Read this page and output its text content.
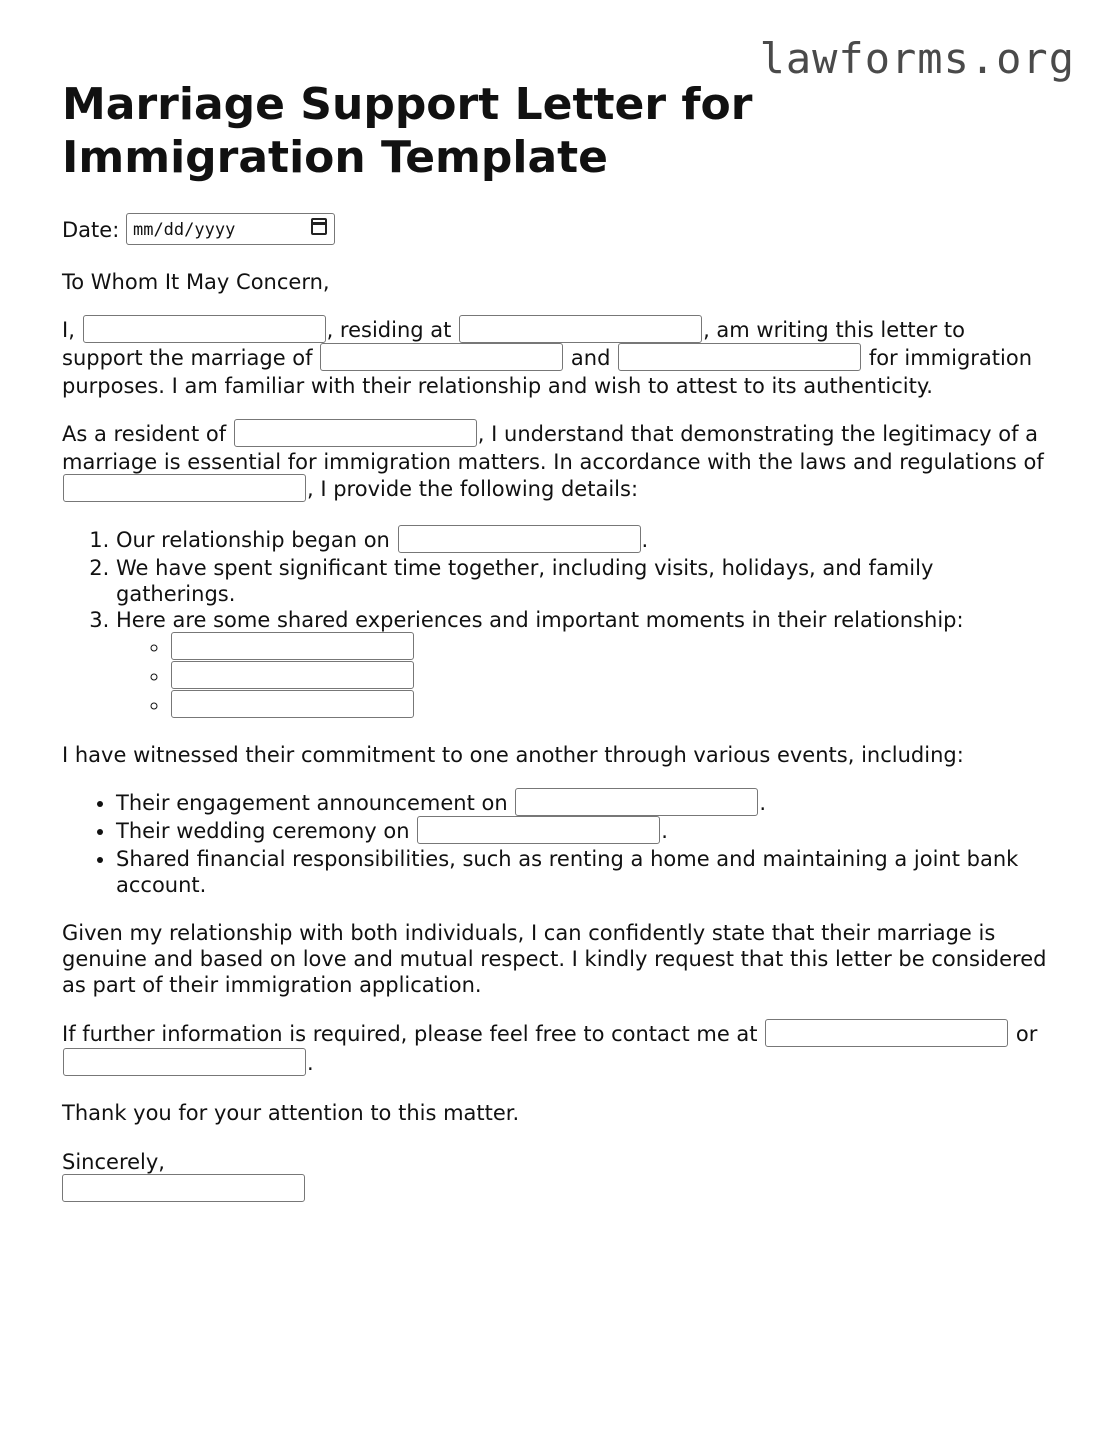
lawforms.org
Marriage Support Letter for Immigration Template

Date: mm/dd/yyyy

To Whom It May Concern,

I,	, residing at	, am writing this letter to support the marriage of	and	for immigration purposes. I am familiar with their relationship and wish to attest to its authenticity.

As a resident of	, I understand that demonstrating the legitimacy of a marriage is essential for immigration matters. In accordance with the laws and regulations of , I provide the following details:

1. Our relationship began on	.
2. We have spent significant time together, including visits, holidays, and family gatherings.
3. Here are some shared experiences and important moments in their relationship:
◦
◦
◦

I have witnessed their commitment to one another through various events, including:

• Their engagement announcement on	.
• Their wedding ceremony on	.
• Shared financial responsibilities, such as renting a home and maintaining a joint bank account.

Given my relationship with both individuals, I can confidently state that their marriage is genuine and based on love and mutual respect. I kindly request that this letter be considered as part of their immigration application.

If further information is required, please feel free to contact me at	or .

Thank you for your attention to this matter.

Sincerely,
